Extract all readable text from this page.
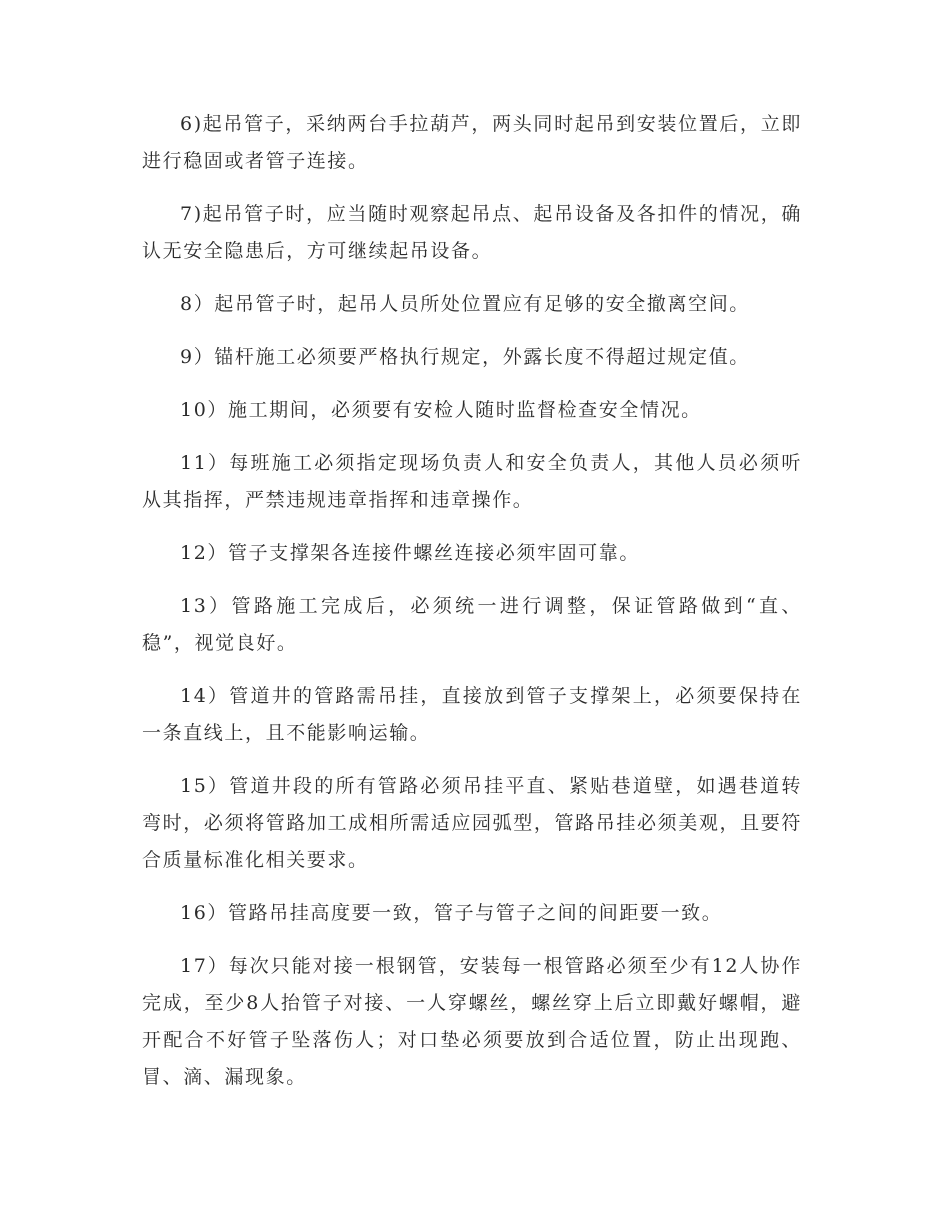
6)起吊管子，采纳两台手拉葫芦，两头同时起吊到安装位置后，立即进行稳固或者管子连接。

7)起吊管子时，应当随时观察起吊点、起吊设备及各扣件的情况，确认无安全隐患后，方可继续起吊设备。

8）起吊管子时，起吊人员所处位置应有足够的安全撤离空间。

9）锚杆施工必须要严格执行规定，外露长度不得超过规定值。

10）施工期间，必须要有安检人随时监督检查安全情况。

11）每班施工必须指定现场负责人和安全负责人，其他人员必须听从其指挥，严禁违规违章指挥和违章操作。

12）管子支撑架各连接件螺丝连接必须牢固可靠。

13）管路施工完成后，必须统一进行调整，保证管路做到“直、稳”，视觉良好。

14）管道井的管路需吊挂，直接放到管子支撑架上，必须要保持在一条直线上，且不能影响运输。

15）管道井段的所有管路必须吊挂平直、紧贴巷道壁，如遇巷道转弯时，必须将管路加工成相所需适应园弧型，管路吊挂必须美观，且要符合质量标准化相关要求。

16）管路吊挂高度要一致，管子与管子之间的间距要一致。

17）每次只能对接一根钢管，安装每一根管路必须至少有12人协作完成，至少8人抬管子对接、一人穿螺丝，螺丝穿上后立即戴好螺帽，避开配合不好管子坠落伤人；对口垫必须要放到合适位置，防止出现跑、冒、滴、漏现象。
